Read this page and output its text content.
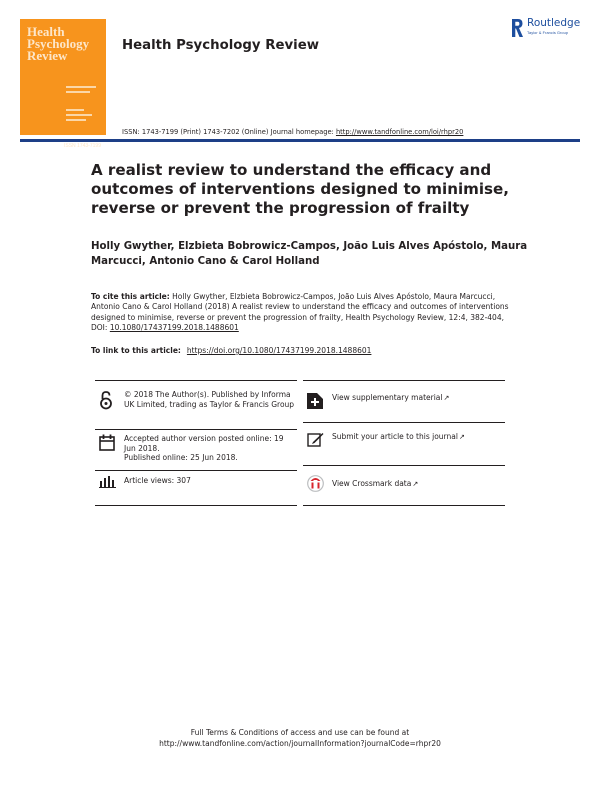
Health Psychology Review
ISSN 1743-7199
Health Psychology Review
ISSN: 1743-7199 (Print) 1743-7202 (Online) Journal homepage: http://www.tandfonline.com/loi/rhpr20
Routledge
Taylor & Francis Group
A realist review to understand the efficacy and outcomes of interventions designed to minimise, reverse or prevent the progression of frailty
Holly Gwyther, Elzbieta Bobrowicz-Campos, João Luis Alves Apóstolo, Maura Marcucci, Antonio Cano & Carol Holland
To cite this article: Holly Gwyther, Elzbieta Bobrowicz-Campos, João Luis Alves Apóstolo, Maura Marcucci, Antonio Cano & Carol Holland (2018) A realist review to understand the efficacy and outcomes of interventions designed to minimise, reverse or prevent the progression of frailty, Health Psychology Review, 12:4, 382-404, DOI: 10.1080/17437199.2018.1488601
To link to this article: https://doi.org/10.1080/17437199.2018.1488601
© 2018 The Author(s). Published by Informa UK Limited, trading as Taylor & Francis Group
View supplementary material↗
Accepted author version posted online: 19 Jun 2018.
Published online: 25 Jun 2018.
Submit your article to this journal↗
Article views: 307	View Crossmark data↗
Full Terms & Conditions of access and use can be found at
http://www.tandfonline.com/action/journalInformation?journalCode=rhpr20
